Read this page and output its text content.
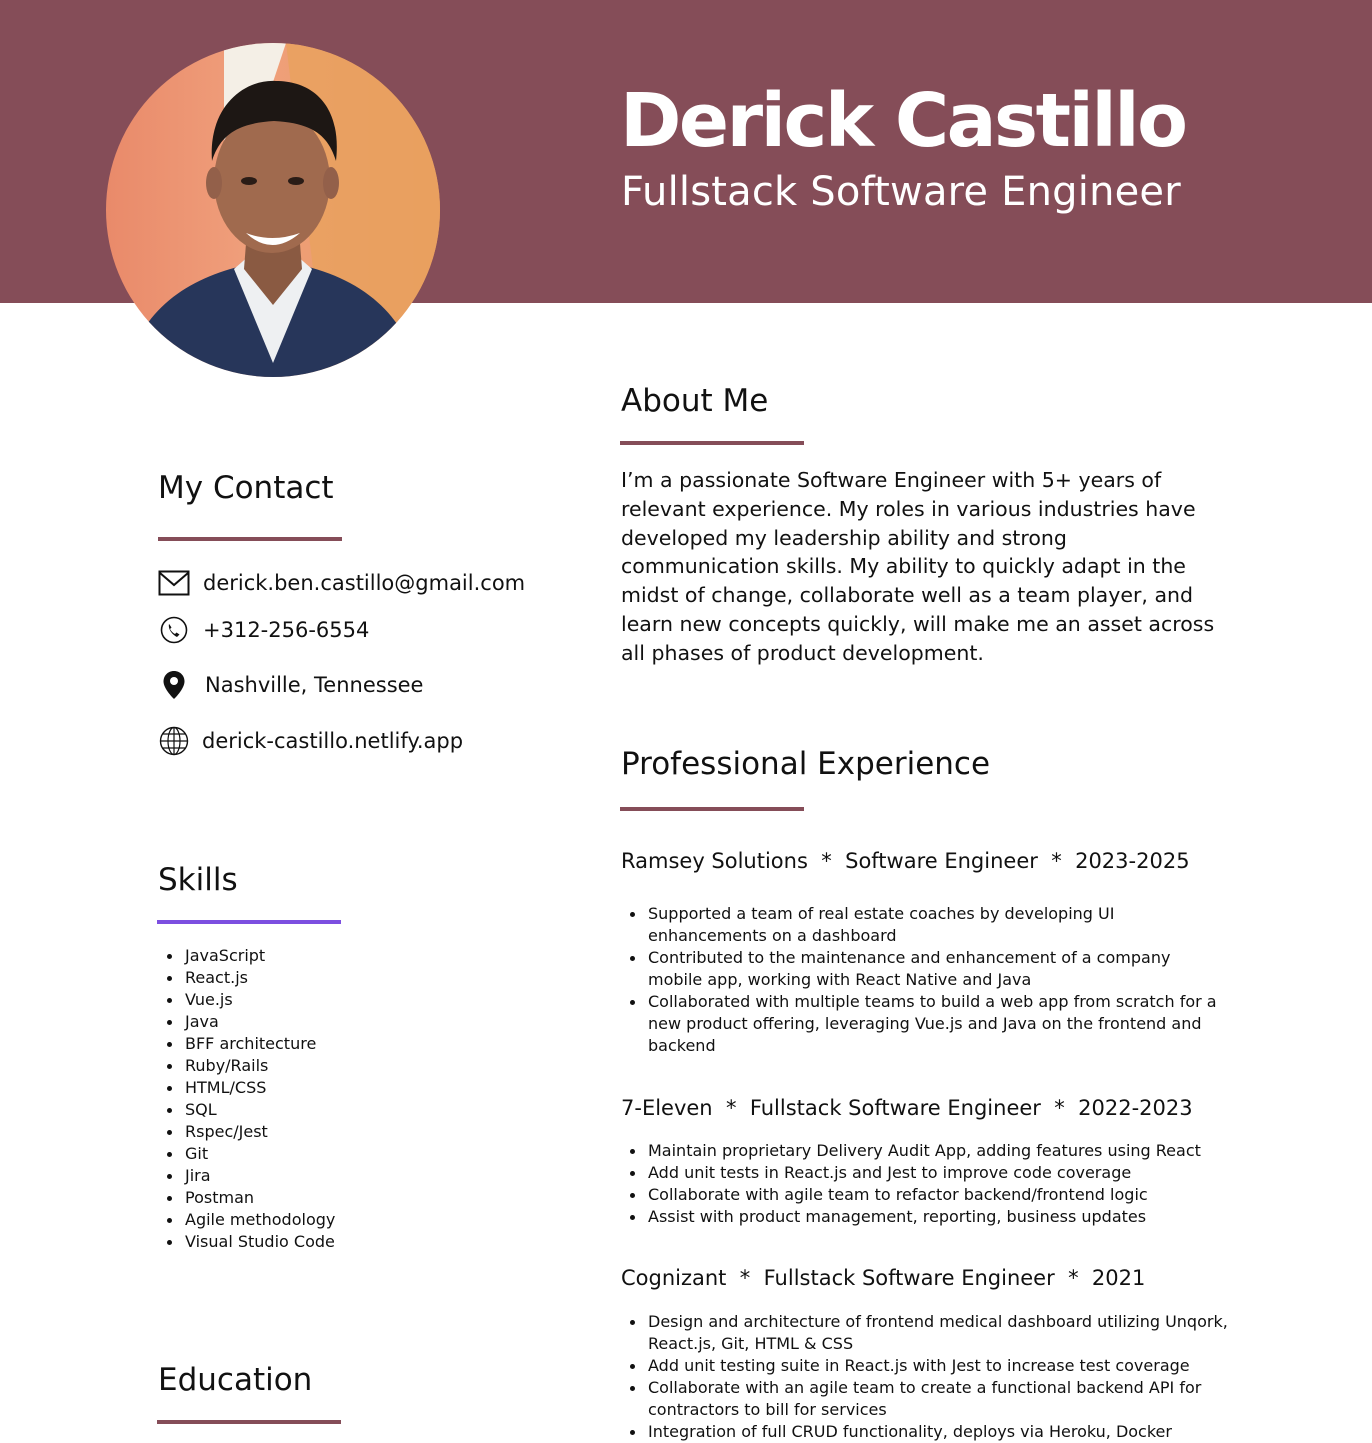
Derick Castillo
Fullstack Software Engineer
My Contact
derick.ben.castillo@gmail.com
+312-256-6554
Nashville, Tennessee
derick-castillo.netlify.app
Skills
JavaScript
React.js
Vue.js
Java
BFF architecture
Ruby/Rails
HTML/CSS
SQL
Rspec/Jest
Git
Jira
Postman
Agile methodology
Visual Studio Code
Education
About Me

I’m a passionate Software Engineer with 5+ years of relevant experience. My roles in various industries have developed my leadership ability and strong communication skills. My ability to quickly adapt in the midst of change, collaborate well as a team player, and learn new concepts quickly, will make me an asset across all phases of product development.

Professional Experience
Ramsey Solutions  *  Software Engineer  *  2023-2025
Supported a team of real estate coaches by developing UI enhancements on a dashboard
Contributed to the maintenance and enhancement of a company mobile app, working with React Native and Java
Collaborated with multiple teams to build a web app from scratch for a new product offering, leveraging Vue.js and Java on the frontend and backend
7-Eleven  *  Fullstack Software Engineer  *  2022-2023
Maintain proprietary Delivery Audit App, adding features using React
Add unit tests in React.js and Jest to improve code coverage
Collaborate with agile team to refactor backend/frontend logic
Assist with product management, reporting, business updates
Cognizant  *  Fullstack Software Engineer  *  2021
Design and architecture of frontend medical dashboard utilizing Unqork, React.js, Git, HTML & CSS
Add unit testing suite in React.js with Jest to increase test coverage
Collaborate with an agile team to create a functional backend API for contractors to bill for services
Integration of full CRUD functionality, deploys via Heroku, Docker
